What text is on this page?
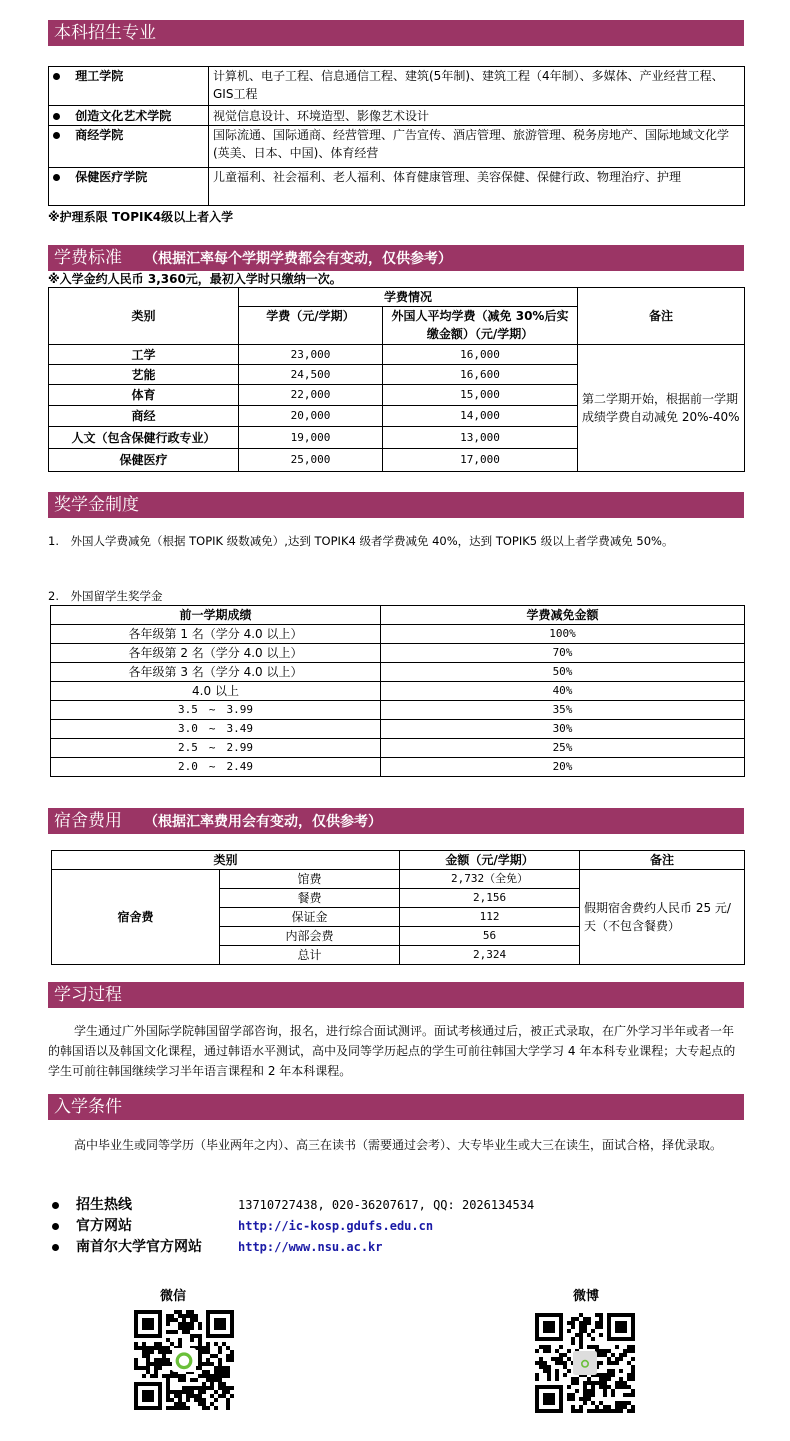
本科招生专业
理工学院	计算机、电子工程、信息通信工程、建筑(5年制)、建筑工程（4年制）、多媒体、产业经营工程、GIS工程
创造文化艺术学院	视觉信息设计、环境造型、影像艺术设计
商经学院	国际流通、国际通商、经营管理、广告宣传、酒店管理、旅游管理、税务房地产、国际地域文化学(英美、日本、中国)、体育经营
保健医疗学院	儿童福利、社会福利、老人福利、体育健康管理、美容保健、保健行政、物理治疗、护理
※护理系限 TOPIK4级以上者入学
学费标准 （根据汇率每个学期学费都会有变动，仅供参考）
※入学金约人民币 3,360元，最初入学时只缴纳一次。
类别	学费情况		备注
	学费（元/学期）	外国人平均学费（减免 30%后实缴金额）（元/学期）	
工学	23,000	16,000	第二学期开始，根据前一学期成绩学费自动减免 20%-40%
艺能	24,500	16,600	
体育	22,000	15,000	
商经	20,000	14,000	
人文（包含保健行政专业）	19,000	13,000	
保健医疗	25,000	17,000	
奖学金制度
1.　外国人学费减免（根据 TOPIK 级数减免）,达到 TOPIK4 级者学费减免 40%，达到 TOPIK5 级以上者学费减免 50%。
2.　外国留学生奖学金
前一学期成绩	学费减免金额
各年级第 1 名（学分 4.0 以上）	100%
各年级第 2 名（学分 4.0 以上）	70%
各年级第 3 名（学分 4.0 以上）	50%
4.0 以上	40%
3.5　~　3.99	35%
3.0　~　3.49	30%
2.5　~　2.99	25%
2.0　~　2.49	20%
宿舍费用 （根据汇率费用会有变动，仅供参考）
类别		金额（元/学期）	备注
宿舍费	馆费	2,732（全免）	假期宿舍费约人民币 25 元/天（不包含餐费）
	餐费	2,156	
	保证金	112	
	内部会费	56	
	总计	2,324	
学习过程
学生通过广外国际学院韩国留学部咨询，报名，进行综合面试测评。面试考核通过后，被正式录取，在广外学习半年或者一年的韩国语以及韩国文化课程，通过韩语水平测试，高中及同等学历起点的学生可前往韩国大学学习 4 年本科专业课程；大专起点的学生可前往韩国继续学习半年语言课程和 2 年本科课程。
入学条件
高中毕业生或同等学历（毕业两年之内）、高三在读书（需要通过会考）、大专毕业生或大三在读生，面试合格，择优录取。
招生热线	13710727438, 020-36207617, QQ: 2026134534
官方网站	http://ic-kosp.gdufs.edu.cn
南首尔大学官方网站	http://www.nsu.ac.kr
微信	微博
